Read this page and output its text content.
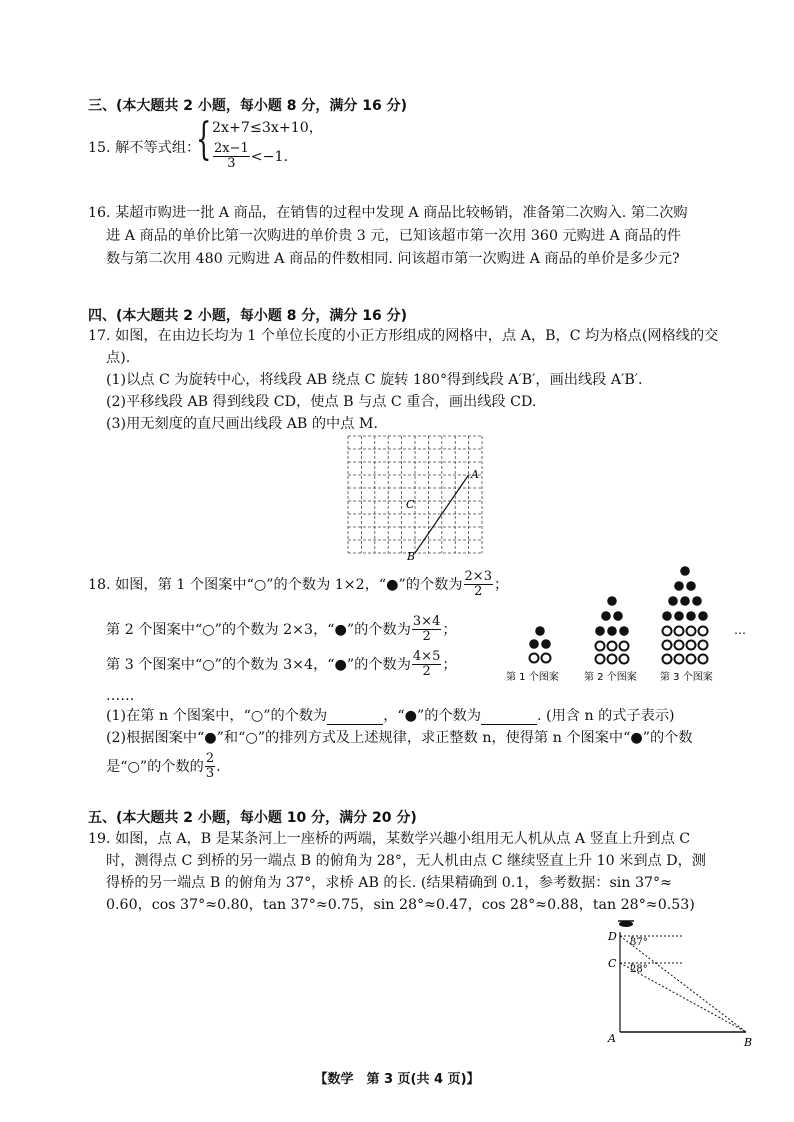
三、(本大题共 2 小题，每小题 8 分，满分 16 分)
15. 解不等式组：
{ 2x+7≤3x+10，
$\frac{2x-1}{3} <-1$.
16. 某超市购进一批 A 商品，在销售的过程中发现 A 商品比较畅销，准备第二次购入. 第二次购
进 A 商品的单价比第一次购进的单价贵 3 元，已知该超市第一次用 360 元购进 A 商品的件
数与第二次用 480 元购进 A 商品的件数相同. 问该超市第一次购进 A 商品的单价是多少元?
四、(本大题共 2 小题，每小题 8 分，满分 16 分)
17. 如图，在由边长均为 1 个单位长度的小正方形组成的网格中，点 A，B，C 均为格点(网格线的交
点).
(1)以点 C 为旋转中心，将线段 AB 绕点 C 旋转 180°得到线段 A′B′，画出线段 A′B′.
(2)平移线段 AB 得到线段 CD，使点 B 与点 C 重合，画出线段 CD.
(3)用无刻度的直尺画出线段 AB 的中点 M.
A
B
C
18. 如图，第 1 个图案中“○”的个数为 1×2，“●”的个数为 $\frac{2\times 3}{2}$ ；
第 2 个图案中“○”的个数为 2×3，“●”的个数为 $\frac{3\times 4}{2}$ ；
第 3 个图案中“○”的个数为 3×4，“●”的个数为 $\frac{4\times 5}{2}$ ；
……
…
第 1 个图案	第 2 个图案 第 3 个图案
(1)在第 n 个图案中，“○”的个数为	，“●”的个数为	. (用含 n 的式子表示)
(2)根据图案中“●”和“○”的排列方式及上述规律，求正整数 n，使得第 n 个图案中“●”的个数
是“○”的个数的 $\frac{2}{3}$ .
五、(本大题共 2 小题，每小题 10 分，满分 20 分)
19. 如图，点 A，B 是某条河上一座桥的两端，某数学兴趣小组用无人机从点 A 竖直上升到点 C
时，测得点 C 到桥的另一端点 B 的俯角为 28°，无人机由点 C 继续竖直上升 10 米到点 D，测
得桥的另一端点 B 的俯角为 37°，求桥 AB 的长. (结果精确到 0.1，参考数据：sin 37°≈
0.60，cos 37°≈0.80，tan 37°≈0.75，sin 28°≈0.47，cos 28°≈0.88，tan 28°≈0.53)
37°
28°
D
C
A	B
【数学　第 3 页(共 4 页)】
